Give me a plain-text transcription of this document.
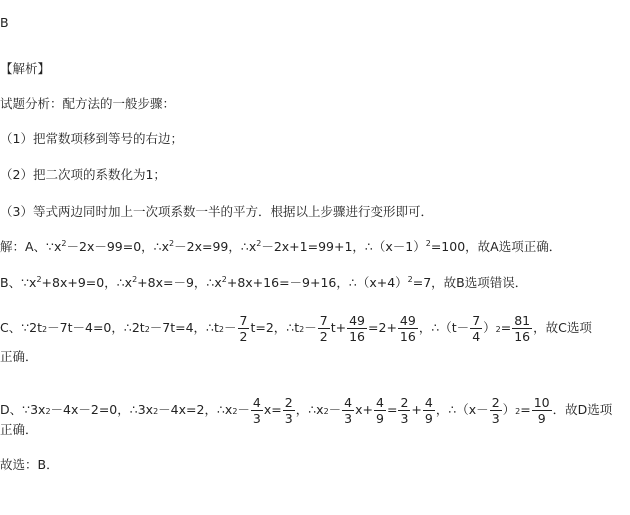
B
【解析】
试题分析：配方法的一般步骤：
（1）把常数项移到等号的右边；
（2）把二次项的系数化为1；
（3）等式两边同时加上一次项系数一半的平方．根据以上步骤进行变形即可．
解：A、$\because x^2-2x-99=0$，$\therefore x^2-2x=99$，$\therefore x^2-2x+1=99+1$，$\therefore(x-1)^2=100$，故A选项正确．
B、$\because x^2+8x+9=0$，$\therefore x^2+8x=-9$，$\therefore x^2+8x+16=-9+16$，$\therefore(x+4)^2=7$，故B选项错误．
C、∵2t2－7t－4=0，∴2t2－7t=4，∴t2－ $\frac{7}{2} t=2$，∴t2－ $\frac{7}{2} t+ \frac{49}{16} =2+ \frac{49}{16}$ ，∴（t－ $\frac{7}{4} )2= \frac{81}{16}$ ，故C选项
正确．
D、∵3x2－4x－2=0，∴3x2－4x=2，∴x2－ $\frac{4}{3} x= \frac{2}{3}$ ，∴x2－ $\frac{4}{3} x+ \frac{4}{9} = \frac{2}{3} + \frac{4}{9}$ ，∴（x－ $\frac{2}{3} )2= \frac{10}{9}$ ．故D选项
正确．
故选：B．
